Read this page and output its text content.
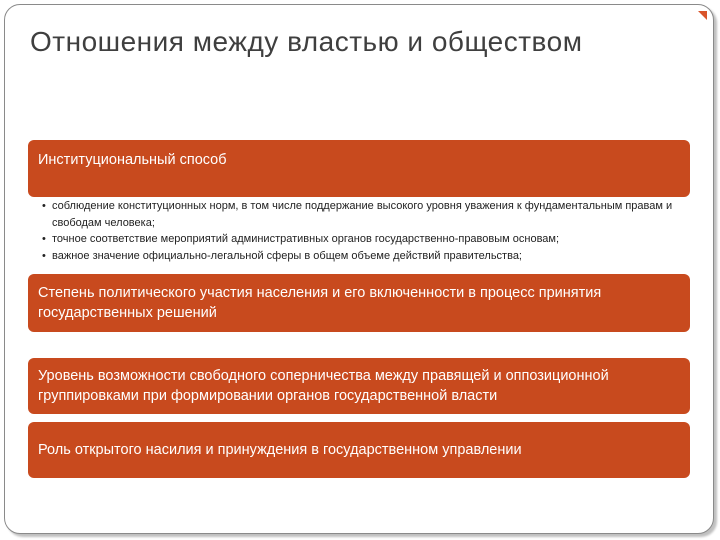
Отношения между властью и обществом
Институциональный способ
• соблюдение конституционных норм, в том числе поддержание высокого уровня уважения к фундаментальным правам и свободам человека;
• точное соответствие мероприятий административных органов государственно-правовым основам;
• важное значение официально-легальной сферы в общем объеме действий правительства;
Степень политического участия населения и его включенности в процесс принятия государственных решений
Уровень возможности свободного соперничества между правящей и оппозиционной группировками при формировании органов государственной власти
Роль открытого насилия и принуждения в государственном управлении
